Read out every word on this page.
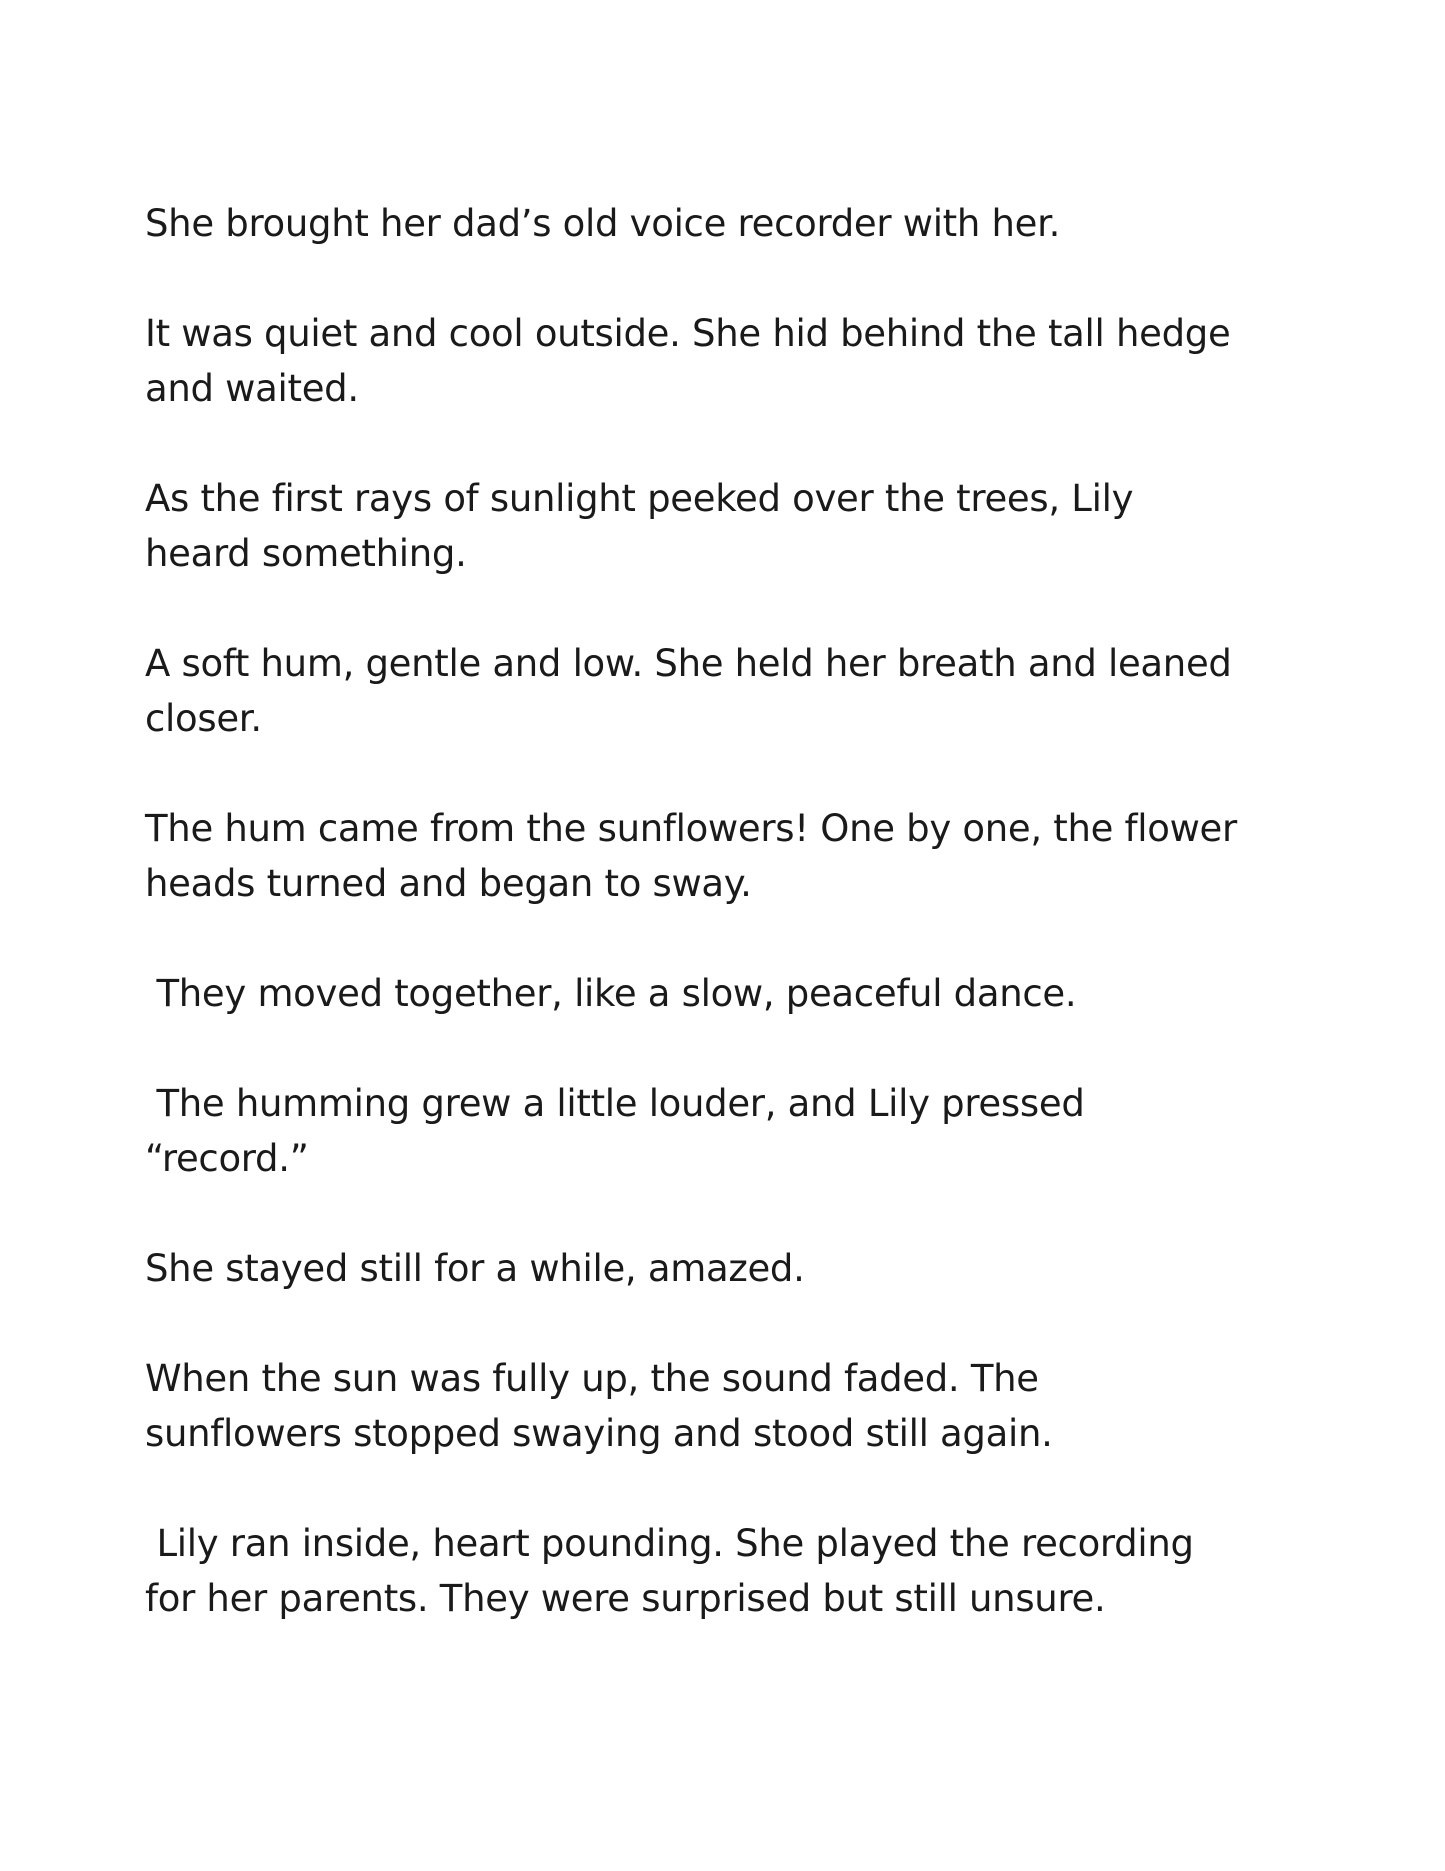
She brought her dad’s old voice recorder with her.

It was quiet and cool outside. She hid behind the tall hedge
and waited.

As the first rays of sunlight peeked over the trees, Lily
heard something.

A soft hum, gentle and low. She held her breath and leaned
closer.

The hum came from the sunflowers! One by one, the flower
heads turned and began to sway.

They moved together, like a slow, peaceful dance.

The humming grew a little louder, and Lily pressed
“record.”

She stayed still for a while, amazed.

When the sun was fully up, the sound faded. The
sunflowers stopped swaying and stood still again.

Lily ran inside, heart pounding. She played the recording
for her parents. They were surprised but still unsure.
